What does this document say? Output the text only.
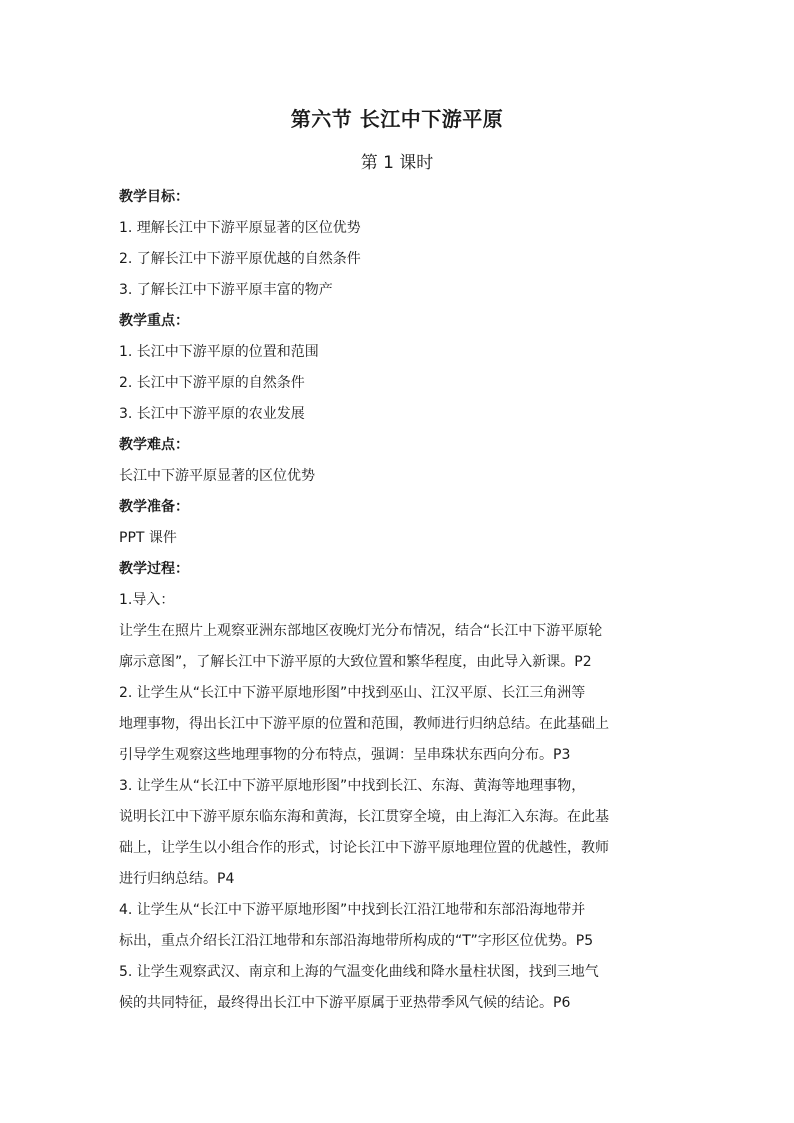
第六节 长江中下游平原
第 1 课时

教学目标：

1. 理解长江中下游平原显著的区位优势

2. 了解长江中下游平原优越的自然条件

3. 了解长江中下游平原丰富的物产

教学重点：

1. 长江中下游平原的位置和范围

2. 长江中下游平原的自然条件

3. 长江中下游平原的农业发展

教学难点：

长江中下游平原显著的区位优势

教学准备：

PPT 课件

教学过程：

1.导入：

让学生在照片上观察亚洲东部地区夜晚灯光分布情况，结合“长江中下游平原轮

廓示意图”，了解长江中下游平原的大致位置和繁华程度，由此导入新课。P2

2. 让学生从“长江中下游平原地形图”中找到巫山、江汉平原、长江三角洲等

地理事物，得出长江中下游平原的位置和范围，教师进行归纳总结。在此基础上

引导学生观察这些地理事物的分布特点，强调：呈串珠状东西向分布。P3

3. 让学生从“长江中下游平原地形图”中找到长江、东海、黄海等地理事物，

说明长江中下游平原东临东海和黄海，长江贯穿全境，由上海汇入东海。在此基

础上，让学生以小组合作的形式，讨论长江中下游平原地理位置的优越性，教师

进行归纳总结。P4

4. 让学生从“长江中下游平原地形图”中找到长江沿江地带和东部沿海地带并

标出，重点介绍长江沿江地带和东部沿海地带所构成的“T”字形区位优势。P5

5. 让学生观察武汉、南京和上海的气温变化曲线和降水量柱状图，找到三地气

候的共同特征，最终得出长江中下游平原属于亚热带季风气候的结论。P6
